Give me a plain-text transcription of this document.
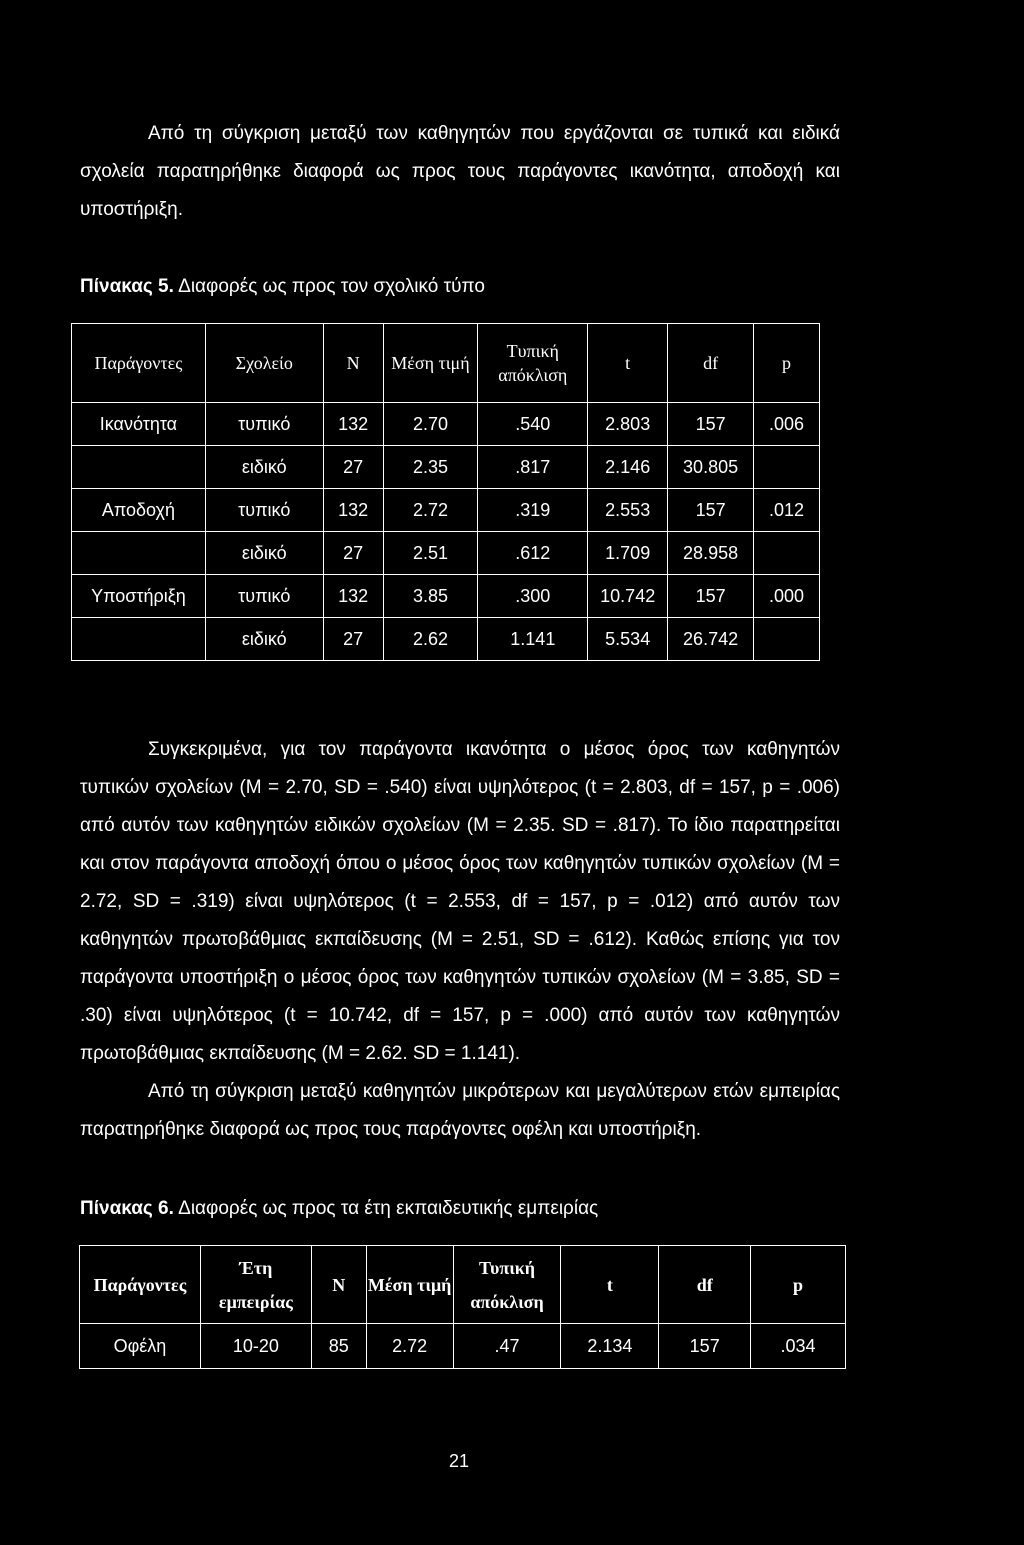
Από τη σύγκριση μεταξύ των καθηγητών που εργάζονται σε τυπικά και ειδικά σχολεία παρατηρήθηκε διαφορά ως προς τους παράγοντες ικανότητα, αποδοχή και υποστήριξη.

Πίνακας 5. Διαφορές ως προς τον σχολικό τύπο

Παράγοντες	Σχολείο	Ν	Μέση τιμή	Τυπική απόκλιση	t	df	p
Ικανότητα	τυπικό	132	2.70	.540	2.803	157	.006
	ειδικό	27	2.35	.817	2.146	30.805	
Αποδοχή	τυπικό	132	2.72	.319	2.553	157	.012
	ειδικό	27	2.51	.612	1.709	28.958	
Υποστήριξη	τυπικό	132	3.85	.300	10.742	157	.000
	ειδικό	27	2.62	1.141	5.534	26.742	

Συγκεκριμένα, για τον παράγοντα ικανότητα ο μέσος όρος των καθηγητών τυπικών σχολείων (M = 2.70, SD = .540) είναι υψηλότερος (t = 2.803, df = 157, p = .006) από αυτόν των καθηγητών ειδικών σχολείων (M = 2.35. SD = .817). Το ίδιο παρατηρείται και στον παράγοντα αποδοχή όπου ο μέσος όρος των καθηγητών τυπικών σχολείων (M = 2.72, SD = .319) είναι υψηλότερος (t = 2.553, df = 157, p = .012) από αυτόν των καθηγητών πρωτοβάθμιας εκπαίδευσης (M = 2.51, SD = .612). Καθώς επίσης για τον παράγοντα υποστήριξη ο μέσος όρος των καθηγητών τυπικών σχολείων (M = 3.85, SD = .30) είναι υψηλότερος (t = 10.742, df = 157, p = .000) από αυτόν των καθηγητών πρωτοβάθμιας εκπαίδευσης (M = 2.62. SD = 1.141).

Από τη σύγκριση μεταξύ καθηγητών μικρότερων και μεγαλύτερων ετών εμπειρίας παρατηρήθηκε διαφορά ως προς τους παράγοντες οφέλη και υποστήριξη.

Πίνακας 6. Διαφορές ως προς τα έτη εκπαιδευτικής εμπειρίας

Παράγοντες	Έτη εμπειρίας	Ν	Μέση τιμή	Τυπική απόκλιση	t	df	p
Οφέλη	10-20	85	2.72	.47	2.134	157	.034
21
